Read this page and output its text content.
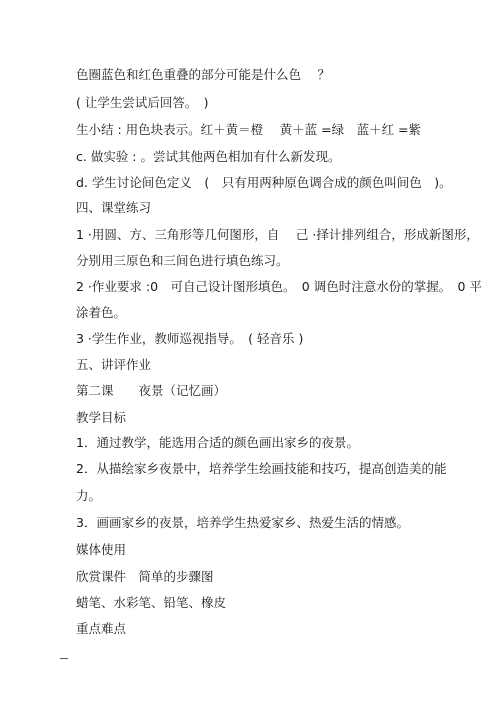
色圈蓝色和红色重叠的部分可能是什么色　 ？
( 让学生尝试后回答。　)
生小结 : 用色块表示。红＋黄＝橙　 黄＋蓝 =绿　蓝＋红 =紫
c. 做实验 : 。尝试其他两色相加有什么新发现。
d. 学生讨论间色定义　(　只有用两种原色调合成的颜色叫间色　)。
四、课堂练习
1 ·用圆、方、三角形等几何图形，自　 己 ·择计排列组合，形成新图形，
分别用三原色和三间色进行填色练习。
2 ·作业要求 :0　可自己设计图形填色。　0 调色时注意水份的掌握。　0 平
涂着色。
3 ·学生作业，教师巡视指导。　( 轻音乐 )
五、讲评作业
第二课　　夜景（记忆画）
教学目标
1．通过教学，能选用合适的颜色画出家乡的夜景。
2．从描绘家乡夜景中，培养学生绘画技能和技巧，提高创造美的能
力。
3．画画家乡的夜景，培养学生热爱家乡、热爱生活的情感。
媒体使用
欣赏课件　简单的步骤图
蜡笔、水彩笔、铅笔、橡皮
重点难点
